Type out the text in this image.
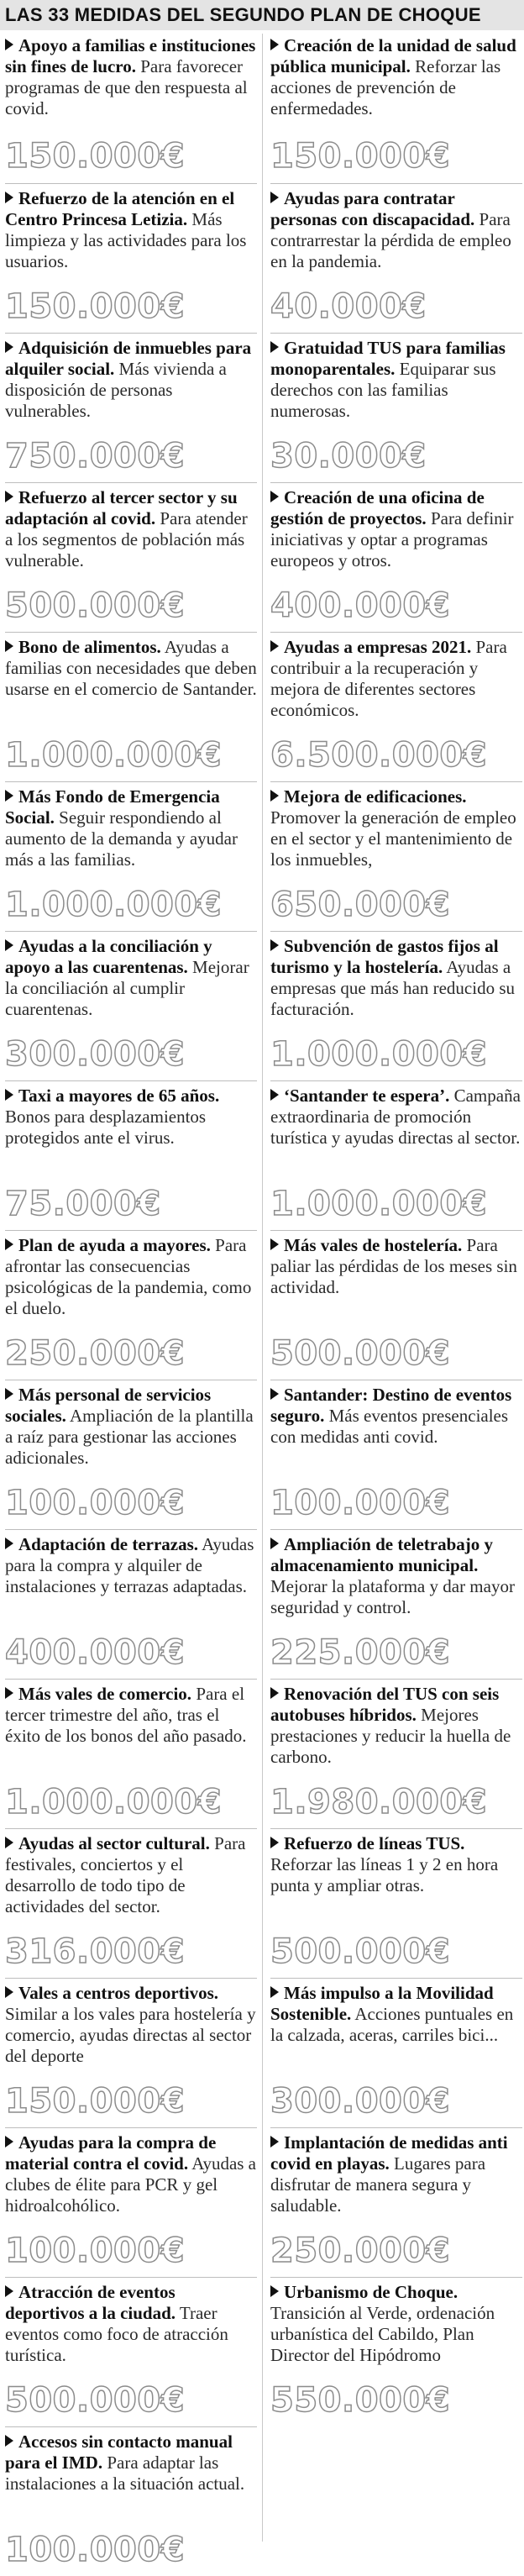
LAS 33 MEDIDAS DEL SEGUNDO PLAN DE CHOQUE
Apoyo a familias e instituciones sin fines de lucro. Para favorecer programas de que den respuesta al covid.
150.000€
Refuerzo de la atención en el Centro Princesa Letizia. Más limpieza y las actividades para los usuarios.
150.000€
Adquisición de inmuebles para alquiler social. Más vivienda a disposición de personas vulnerables.
750.000€
Refuerzo al tercer sector y su adaptación al covid. Para atender a los segmentos de población más vulnerable.
500.000€
Bono de alimentos. Ayudas a familias con necesidades que deben usarse en el comercio de Santander.
1.000.000€
Más Fondo de Emergencia Social. Seguir respondiendo al aumento de la demanda y ayudar más a las familias.
1.000.000€
Ayudas a la conciliación y apoyo a las cuarentenas. Mejorar la conciliación al cumplir cuarentenas.
300.000€
Taxi a mayores de 65 años. Bonos para desplazamientos protegidos ante el virus.
75.000€
Plan de ayuda a mayores. Para afrontar las consecuencias psicológicas de la pandemia, como el duelo.
250.000€
Más personal de servicios sociales. Ampliación de la plantilla a raíz para gestionar las acciones adicionales.
100.000€
Adaptación de terrazas. Ayudas para la compra y alquiler de instalaciones y terrazas adaptadas.
400.000€
Más vales de comercio. Para el tercer trimestre del año, tras el éxito de los bonos del año pasado.
1.000.000€
Ayudas al sector cultural. Para festivales, conciertos y el desarrollo de todo tipo de actividades del sector.
316.000€
Vales a centros deportivos. Similar a los vales para hostelería y comercio, ayudas directas al sector del deporte
150.000€
Ayudas para la compra de material contra el covid. Ayudas a clubes de élite para PCR y gel hidroalcohólico.
100.000€
Atracción de eventos deportivos a la ciudad. Traer eventos como foco de atracción turística.
500.000€
Accesos sin contacto manual para el IMD. Para adaptar las instalaciones a la situación actual.
100.000€
Creación de la unidad de salud pública municipal. Reforzar las acciones de prevención de enfermedades.
150.000€
Ayudas para contratar personas con discapacidad. Para contrarrestar la pérdida de empleo en la pandemia.
40.000€
Gratuidad TUS para familias monoparentales. Equiparar sus derechos con las familias numerosas.
30.000€
Creación de una oficina de gestión de proyectos. Para definir iniciativas y optar a programas europeos y otros.
400.000€
Ayudas a empresas 2021. Para contribuir a la recuperación y mejora de diferentes sectores económicos.
6.500.000€
Mejora de edificaciones. Promover la generación de empleo en el sector y el mantenimiento de los inmuebles,
650.000€
Subvención de gastos fijos al turismo y la hostelería. Ayudas a empresas que más han reducido su facturación.
1.000.000€
‘Santander te espera’. Campaña extraordinaria de promoción turística y ayudas directas al sector.
1.000.000€
Más vales de hostelería. Para paliar las pérdidas de los meses sin actividad.
500.000€
Santander: Destino de eventos seguro. Más eventos presenciales con medidas anti covid.
100.000€
Ampliación de teletrabajo y almacenamiento municipal. Mejorar la plataforma y dar mayor seguridad y control.
225.000€
Renovación del TUS con seis autobuses híbridos. Mejores prestaciones y reducir la huella de carbono.
1.980.000€
Refuerzo de líneas TUS. Reforzar las líneas 1 y 2 en hora punta y ampliar otras.
500.000€
Más impulso a la Movilidad Sostenible. Acciones puntuales en la calzada, aceras, carriles bici...
300.000€
Implantación de medidas anti covid en playas. Lugares para disfrutar de manera segura y saludable.
250.000€
Urbanismo de Choque. Transición al Verde, ordenación urbanística del Cabildo, Plan Director del Hipódromo
550.000€
